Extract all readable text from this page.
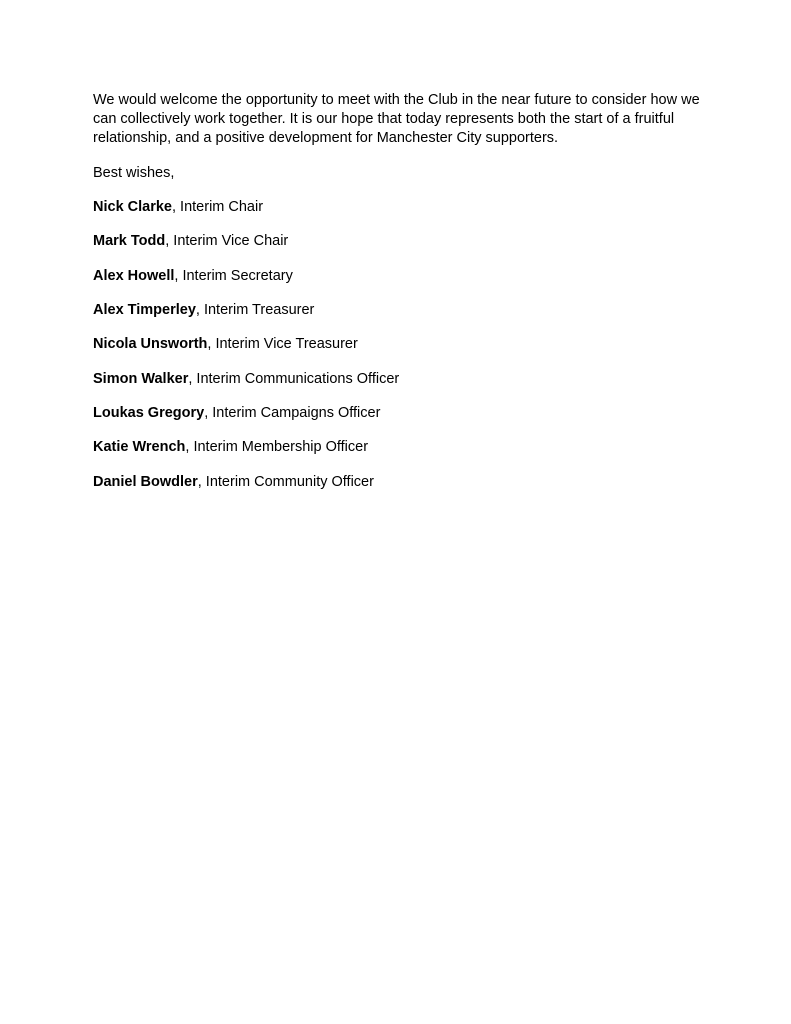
We would welcome the opportunity to meet with the Club in the near future to consider how we can collectively work together. It is our hope that today represents both the start of a fruitful relationship, and a positive development for Manchester City supporters.

Best wishes,

Nick Clarke, Interim Chair
Mark Todd, Interim Vice Chair
Alex Howell, Interim Secretary
Alex Timperley, Interim Treasurer
Nicola Unsworth, Interim Vice Treasurer
Simon Walker, Interim Communications Officer
Loukas Gregory, Interim Campaigns Officer
Katie Wrench, Interim Membership Officer
Daniel Bowdler, Interim Community Officer
